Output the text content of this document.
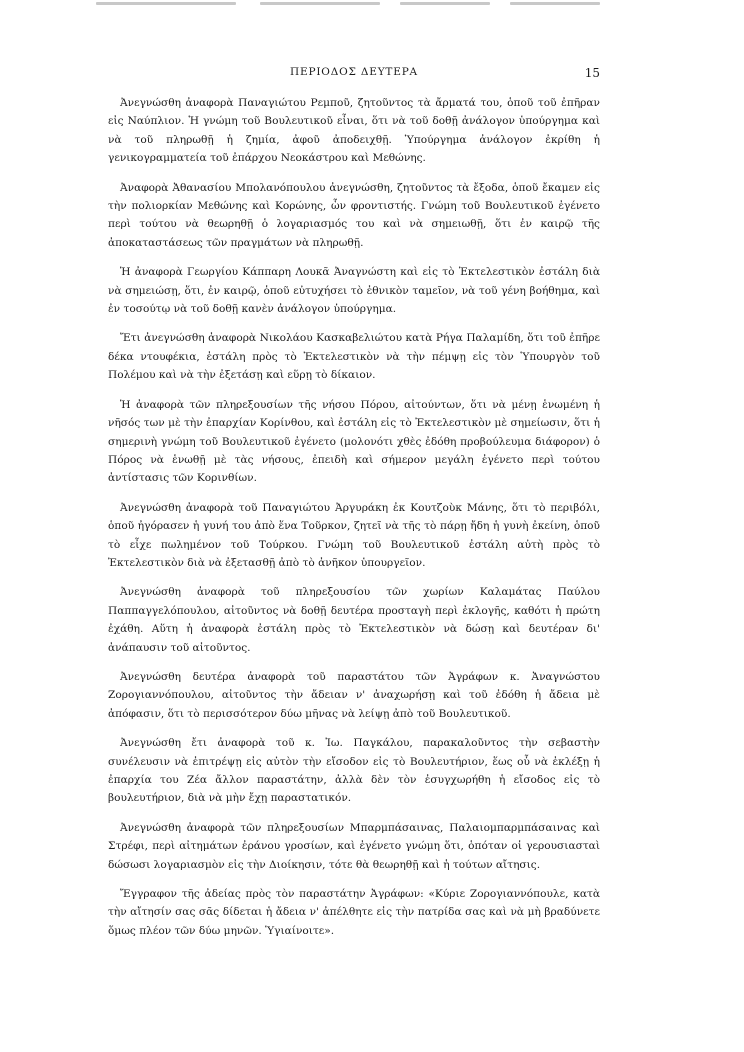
ΠΕΡΙΟΔΟΣ ΔΕΥΤΕΡΑ	15

Ἀνεγνώσθη ἀναφορὰ Παναγιώτου Ρεμποῦ, ζητοῦντος τὰ ἄρματά του, ὁποῦ τοῦ ἐπῆραν εἰς Ναύπλιον. Ἡ γνώμη τοῦ Βουλευτικοῦ εἶναι, ὅτι νὰ τοῦ δοθῇ ἀνάλογον ὑπούργημα καὶ νὰ τοῦ πληρωθῇ ἡ ζημία, ἀφοῦ ἀποδειχθῇ. Ὑπούργημα ἀνάλογον ἐκρίθη ἡ γενικογραμματεία τοῦ ἐπάρχου Νεοκάστρου καὶ Μεθώνης.

Ἀναφορὰ Ἀθανασίου Μπολανόπουλου ἀνεγνώσθη, ζητοῦντος τὰ ἔξοδα, ὁποῦ ἔκαμεν εἰς τὴν πολιορκίαν Μεθώνης καὶ Κορώνης, ὧν φροντιστής. Γνώμη τοῦ Βουλευτικοῦ ἐγένετο περὶ τούτου νὰ θεωρηθῇ ὁ λογαριασμός του καὶ νὰ σημειωθῇ, ὅτι ἐν καιρῷ τῆς ἀποκαταστάσεως τῶν πραγμάτων νὰ πληρωθῇ.

Ἡ ἀναφορὰ Γεωργίου Κάππαρη Λουκᾶ Ἀναγνώστη καὶ εἰς τὸ Ἐκτελεστικὸν ἐστάλη διὰ νὰ σημειώσῃ, ὅτι, ἐν καιρῷ, ὁποῦ εὐτυχήσει τὸ ἐθνικὸν ταμεῖον, νὰ τοῦ γένη βοήθημα, καὶ ἐν τοσούτῳ νὰ τοῦ δοθῇ κανὲν ἀνάλογον ὑπούργημα.

Ἔτι ἀνεγνώσθη ἀναφορὰ Νικολάου Κασκαβελιώτου κατὰ Ρήγα Παλαμίδη, ὅτι τοῦ ἐπῆρε δέκα ντουφέκια, ἐστάλη πρὸς τὸ Ἐκτελεστικὸν νὰ τὴν πέμψῃ εἰς τὸν Ὑπουργὸν τοῦ Πολέμου καὶ νὰ τὴν ἐξετάσῃ καὶ εὕρῃ τὸ δίκαιον.

Ἡ ἀναφορὰ τῶν πληρεξουσίων τῆς νήσου Πόρου, αἰτούντων, ὅτι νὰ μένῃ ἑνωμένη ἡ νῆσός των μὲ τὴν ἐπαρχίαν Κορίνθου, καὶ ἐστάλη εἰς τὸ Ἐκτελεστικὸν μὲ σημείωσιν, ὅτι ἡ σημερινὴ γνώμη τοῦ Βουλευτικοῦ ἐγένετο (μολονότι χθὲς ἐδόθη προβούλευμα διάφορον) ὁ Πόρος νὰ ἑνωθῇ μὲ τὰς νήσους, ἐπειδὴ καὶ σήμερον μεγάλη ἐγένετο περὶ τούτου ἀντίστασις τῶν Κορινθίων.

Ἀνεγνώσθη ἀναφορὰ τοῦ Παναγιώτου Ἀργυράκη ἐκ Κουτζοὺκ Μάνης, ὅτι τὸ περιβόλι, ὁποῦ ἠγόρασεν ἡ γυνή του ἀπὸ ἕνα Τοῦρκον, ζητεῖ νὰ τῆς τὸ πάρῃ ἤδη ἡ γυνὴ ἐκείνη, ὁποῦ τὸ εἶχε πωλημένον τοῦ Τούρκου. Γνώμη τοῦ Βουλευτικοῦ ἐστάλη αὐτὴ πρὸς τὸ Ἐκτελεστικὸν διὰ νὰ ἐξετασθῇ ἀπὸ τὸ ἀνῆκον ὑπουργεῖον.

Ἀνεγνώσθη ἀναφορὰ τοῦ πληρεξουσίου τῶν χωρίων Καλαμάτας Παύλου Παππαγγελόπουλου, αἰτοῦντος νὰ δοθῇ δευτέρα προσταγὴ περὶ ἐκλογῆς, καθότι ἡ πρώτη ἐχάθη. Αὕτη ἡ ἀναφορὰ ἐστάλη πρὸς τὸ Ἐκτελεστικὸν νὰ δώσῃ καὶ δευτέραν δι' ἀνάπαυσιν τοῦ αἰτοῦντος.

Ἀνεγνώσθη δευτέρα ἀναφορὰ τοῦ παραστάτου τῶν Ἀγράφων κ. Ἀναγνώστου Ζορογιαννόπουλου, αἰτοῦντος τὴν ἄδειαν ν' ἀναχωρήσῃ καὶ τοῦ ἐδόθη ἡ ἄδεια μὲ ἀπόφασιν, ὅτι τὸ περισσότερον δύω μῆνας νὰ λείψῃ ἀπὸ τοῦ Βουλευτικοῦ.

Ἀνεγνώσθη ἔτι ἀναφορὰ τοῦ κ. Ἰω. Παγκάλου, παρακαλοῦντος τὴν σεβαστὴν συνέλευσιν νὰ ἐπιτρέψῃ εἰς αὐτὸν τὴν εἴσοδον εἰς τὸ Βουλευτήριον, ἕως οὗ νὰ ἐκλέξῃ ἡ ἐπαρχία του Ζέα ἄλλον παραστάτην, ἀλλὰ δὲν τὸν ἐσυγχωρήθη ἡ εἴσοδος εἰς τὸ βουλευτήριον, διὰ νὰ μὴν ἔχῃ παραστατικόν.

Ἀνεγνώσθη ἀναφορὰ τῶν πληρεξουσίων Μπαρμπάσαινας, Παλαιομπαρμπάσαινας καὶ Στρέφι, περὶ αἰτημάτων ἐράνου γροσίων, καὶ ἐγένετο γνώμη ὅτι, ὁπόταν οἱ γερουσιασταὶ δώσωσι λογαριασμὸν εἰς τὴν Διοίκησιν, τότε θὰ θεωρηθῇ καὶ ἡ τούτων αἴτησις.

Ἔγγραφον τῆς ἀδείας πρὸς τὸν παραστάτην Ἀγράφων: «Κύριε Ζορογιαννόπουλε, κατὰ τὴν αἴτησίν σας σᾶς δίδεται ἡ ἄδεια ν' ἀπέλθητε εἰς τὴν πατρίδα σας καὶ νὰ μὴ βραδύνετε ὅμως πλέον τῶν δύω μηνῶν. Ὑγιαίνοιτε».
